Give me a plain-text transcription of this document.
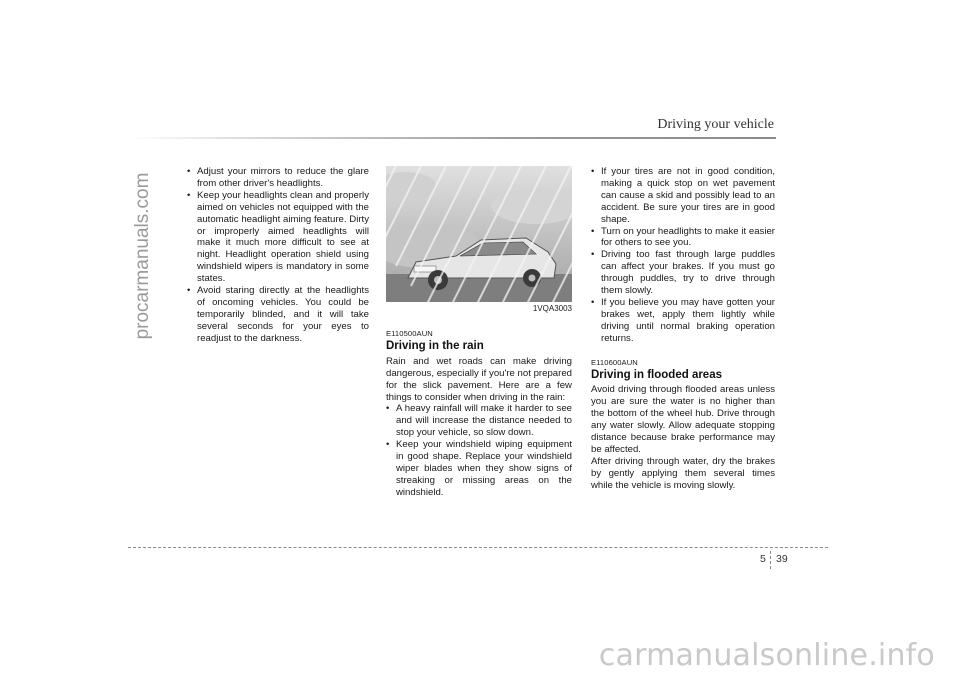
procarmanuals.com
Driving your vehicle
• Adjust your mirrors to reduce the glare from other driver's headlights.
• Keep your headlights clean and properly aimed on vehicles not equipped with the automatic headlight aiming feature. Dirty or improperly aimed headlights will make it much more difficult to see at night. Headlight operation shield using windshield wipers is mandatory in some states.
• Avoid staring directly at the headlights of oncoming vehicles. You could be temporarily blinded, and it will take several seconds for your eyes to readjust to the darkness.
1VQA3003
E110500AUN
Driving in the rain

Rain and wet roads can make driving dangerous, especially if you're not prepared for the slick pavement. Here are a few things to consider when driving in the rain:

• A heavy rainfall will make it harder to see and will increase the distance needed to stop your vehicle, so slow down.
• Keep your windshield wiping equipment in good shape. Replace your windshield wiper blades when they show signs of streaking or missing areas on the windshield.
• If your tires are not in good condition, making a quick stop on wet pavement can cause a skid and possibly lead to an accident. Be sure your tires are in good shape.
• Turn on your headlights to make it easier for others to see you.
• Driving too fast through large puddles can affect your brakes. If you must go through puddles, try to drive through them slowly.
• If you believe you may have gotten your brakes wet, apply them lightly while driving until normal braking operation returns.
E110600AUN
Driving in flooded areas

Avoid driving through flooded areas unless you are sure the water is no higher than the bottom of the wheel hub. Drive through any water slowly. Allow adequate stopping distance because brake performance may be affected.

After driving through water, dry the brakes by gently applying them several times while the vehicle is moving slowly.

5 39
carmanualsonline.info
